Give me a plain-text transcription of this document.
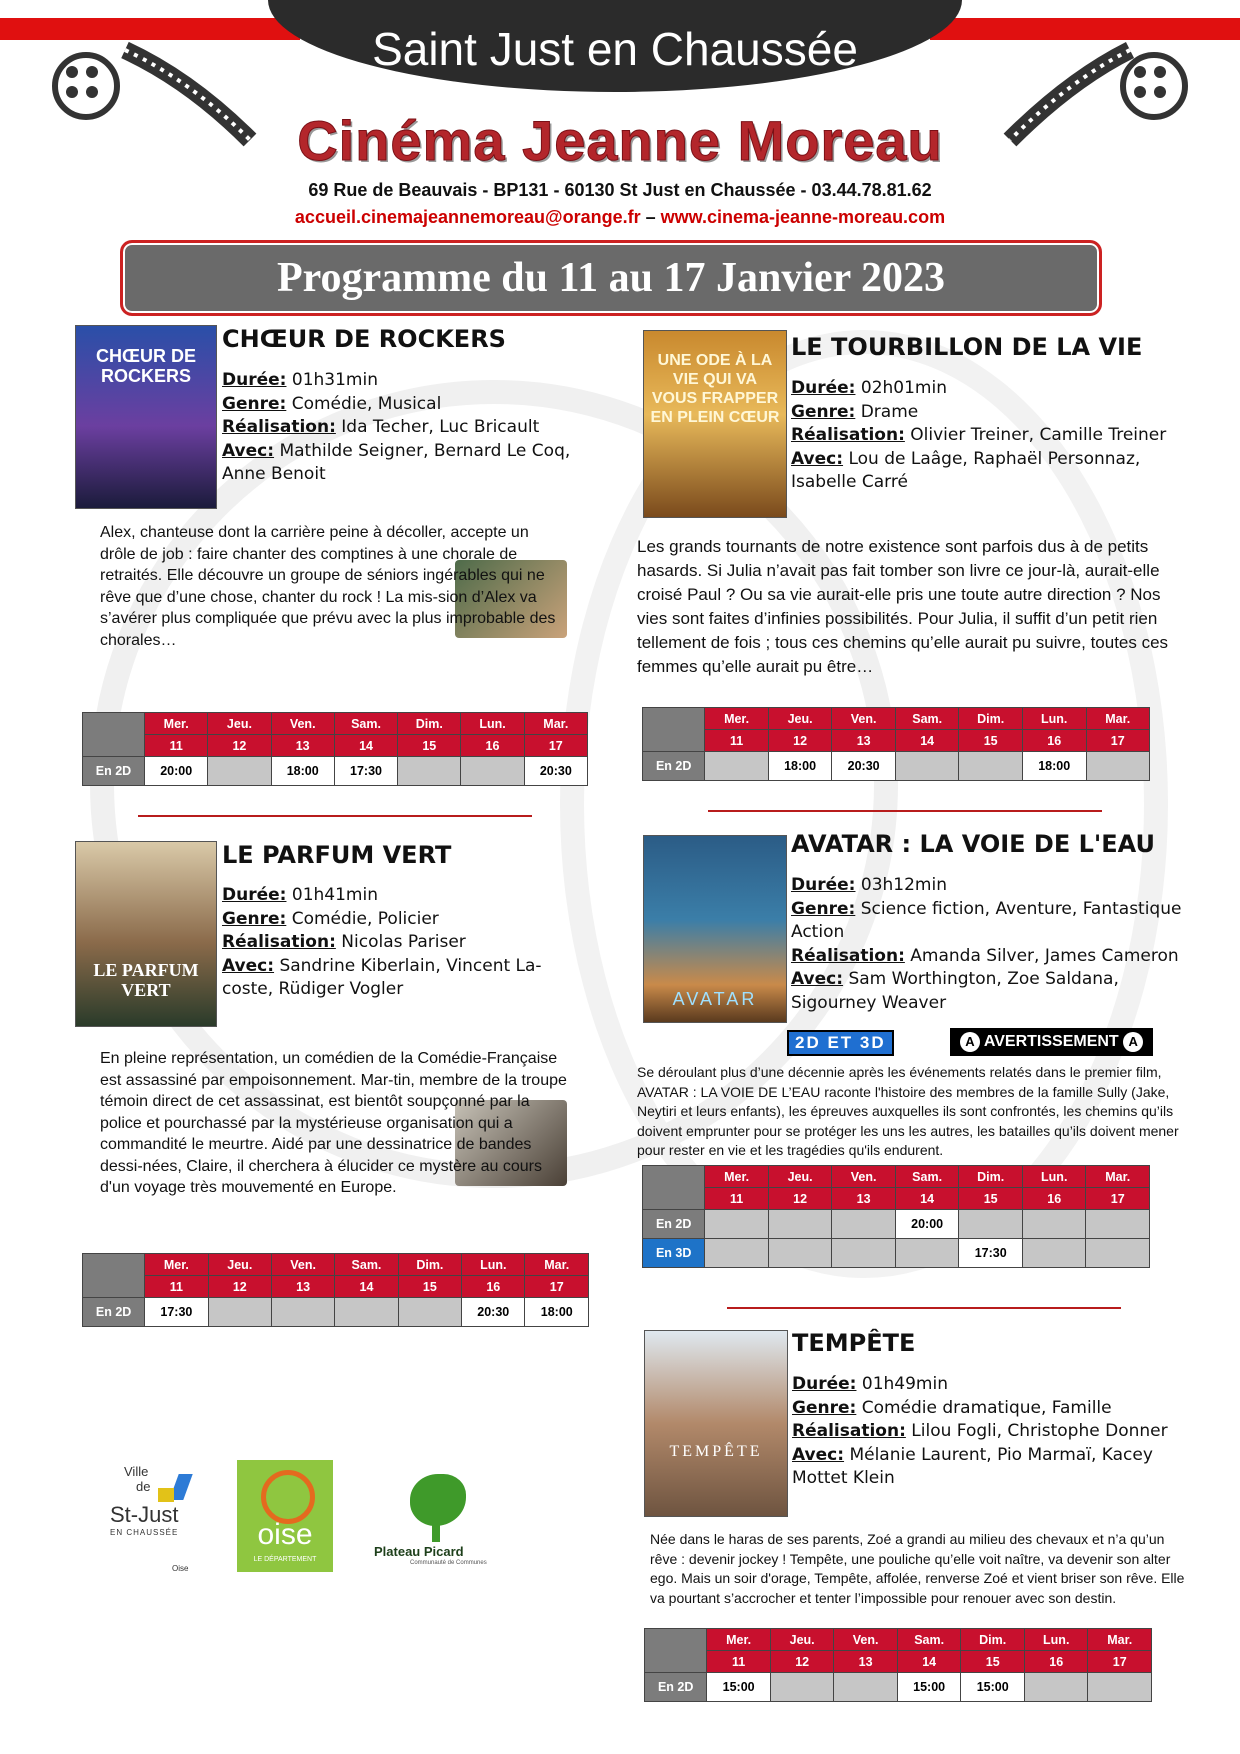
Saint Just en Chaussée
Cinéma Jeanne Moreau
69 Rue de Beauvais - BP131 - 60130 St Just en Chaussée - 03.44.78.81.62
accueil.cinemajeannemoreau@orange.fr – www.cinema-jeanne-moreau.com
Programme du 11 au 17 Janvier 2023
CHŒUR DE ROCKERS
CHŒUR DE ROCKERS
Durée: 01h31min
Genre: Comédie, Musical
Réalisation: Ida Techer, Luc Bricault
Avec: Mathilde Seigner, Bernard Le Coq, Anne Benoit
Alex, chanteuse dont la carrière peine à décoller, accepte un drôle de job : faire chanter des comptines à une chorale de retraités. Elle découvre un groupe de séniors ingérables qui ne rêve que d’une chose, chanter du rock ! La mis-sion d’Alex va s’avérer plus compliquée que prévu avec la plus improbable des chorales…
	Mer.	Jeu.	Ven.	Sam.	Dim.	Lun.	Mar.
	11	12	13	14	15	16	17
En 2D	20:00		18:00	17:30			20:30
UNE ODE À LA VIE QUI VA VOUS FRAPPER EN PLEIN CŒUR
LE TOURBILLON DE LA VIE
Durée: 02h01min
Genre: Drame
Réalisation: Olivier Treiner, Camille Treiner
Avec: Lou de Laâge, Raphaël Personnaz, Isabelle Carré
Les grands tournants de notre existence sont parfois dus à de petits hasards. Si Julia n’avait pas fait tomber son livre ce jour-là, aurait-elle croisé Paul ? Ou sa vie aurait-elle pris une toute autre direction ? Nos vies sont faites d’infinies possibilités. Pour Julia, il suffit d’un petit rien tellement de fois ; tous ces chemins qu’elle aurait pu suivre, toutes ces femmes qu’elle aurait pu être…
	Mer.	Jeu.	Ven.	Sam.	Dim.	Lun.	Mar.
	11	12	13	14	15	16	17
En 2D		18:00	20:30			18:00	
LE PARFUM VERT
LE PARFUM VERT
Durée: 01h41min
Genre: Comédie, Policier
Réalisation: Nicolas Pariser
Avec: Sandrine Kiberlain, Vincent La-coste, Rüdiger Vogler
En pleine représentation, un comédien de la Comédie-Française est assassiné par empoisonnement. Mar-tin, membre de la troupe témoin direct de cet assassinat, est bientôt soupçonné par la police et pourchassé par la mystérieuse organisation qui a commandité le meurtre. Aidé par une dessinatrice de bandes dessi-nées, Claire, il cherchera à élucider ce mystère au cours d'un voyage très mouvementé en Europe.
	Mer.	Jeu.	Ven.	Sam.	Dim.	Lun.	Mar.
	11	12	13	14	15	16	17
En 2D	17:30					20:30	18:00
AVATAR
AVATAR : LA VOIE DE L'EAU
Durée: 03h12min
Genre: Science fiction, Aventure, Fantastique Action
Réalisation: Amanda Silver, James Cameron
Avec: Sam Worthington, Zoe Saldana, Sigourney Weaver
2D ET 3D	A AVERTISSEMENT A
Se déroulant plus d’une décennie après les événements relatés dans le premier film, AVATAR : LA VOIE DE L’EAU raconte l'histoire des membres de la famille Sully (Jake, Neytiri et leurs enfants), les épreuves auxquelles ils sont confrontés, les chemins qu’ils doivent emprunter pour se protéger les uns les autres, les batailles qu’ils doivent mener pour rester en vie et les tragédies qu'ils endurent.
	Mer.	Jeu.	Ven.	Sam.	Dim.	Lun.	Mar.
	11	12	13	14	15	16	17
En 2D				20:00			
En 3D					17:30		
TEMPÊTE
TEMPÊTE
Durée: 01h49min
Genre: Comédie dramatique, Famille
Réalisation: Lilou Fogli, Christophe Donner
Avec: Mélanie Laurent, Pio Marmaï, Kacey Mottet Klein
Née dans le haras de ses parents, Zoé a grandi au milieu des chevaux et n’a qu’un rêve : devenir jockey ! Tempête, une pouliche qu’elle voit naître, va devenir son alter ego. Mais un soir d'orage, Tempête, affolée, renverse Zoé et vient briser son rêve. Elle va pourtant s’accrocher et tenter l’impossible pour renouer avec son destin.
	Mer.	Jeu.	Ven.	Sam.	Dim.	Lun.	Mar.
	11	12	13	14	15	16	17
En 2D	15:00			15:00	15:00		
Ville
de
St-Just
EN CHAUSSÉE
Oise
oise
LE DÉPARTEMENT
Plateau Picard
Communauté de Communes
